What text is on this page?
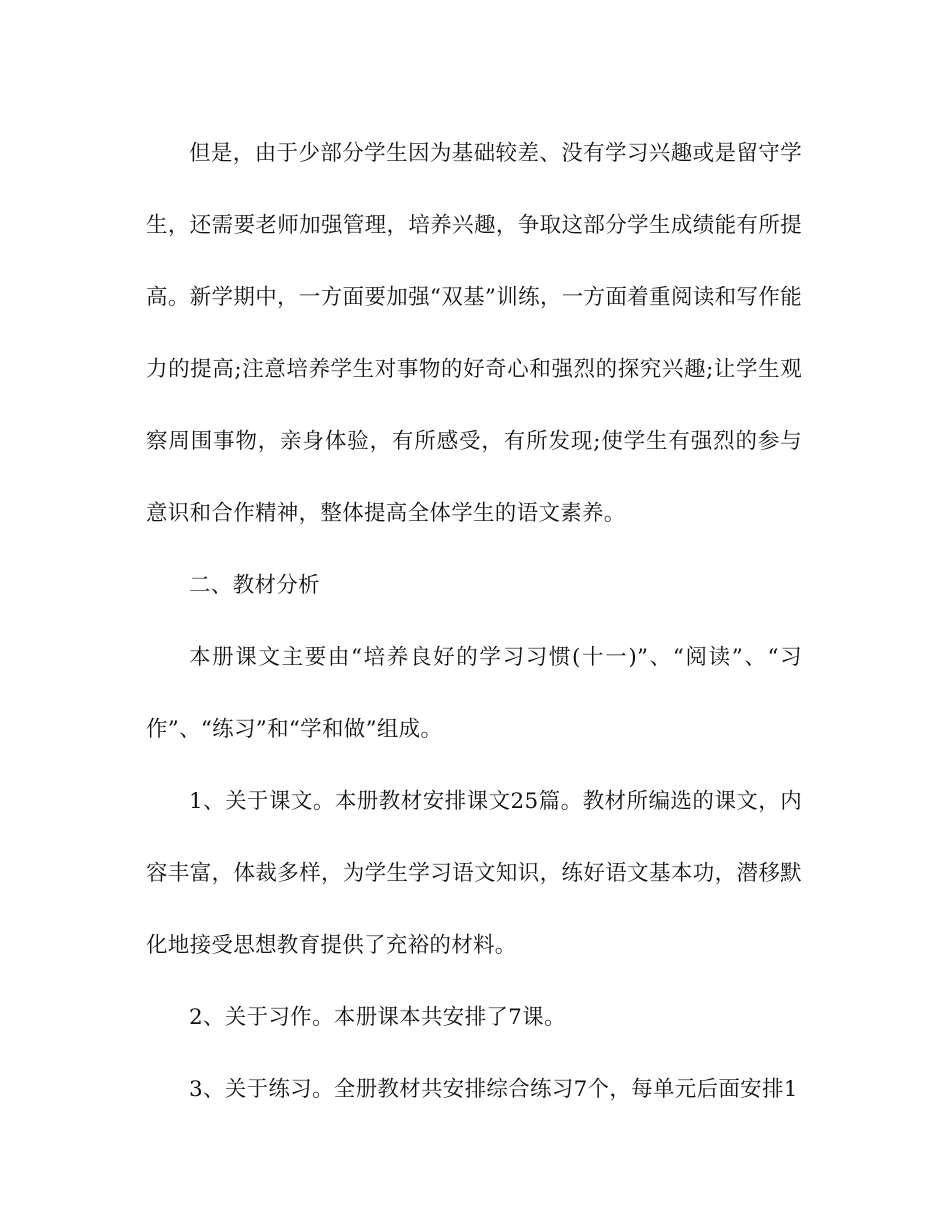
但是，由于少部分学生因为基础较差、没有学习兴趣或是留守学生，还需要老师加强管理，培养兴趣，争取这部分学生成绩能有所提高。新学期中，一方面要加强“双基”训练，一方面着重阅读和写作能力的提高;注意培养学生对事物的好奇心和强烈的探究兴趣;让学生观察周围事物，亲身体验，有所感受，有所发现;使学生有强烈的参与意识和合作精神，整体提高全体学生的语文素养。

二、教材分析

本册课文主要由“培养良好的学习习惯(十一)”、“阅读”、“习作”、“练习”和“学和做”组成。

1、关于课文。本册教材安排课文25篇。教材所编选的课文，内容丰富，体裁多样，为学生学习语文知识，练好语文基本功，潜移默化地接受思想教育提供了充裕的材料。

2、关于习作。本册课本共安排了7课。

3、关于练习。全册教材共安排综合练习7个，每单元后面安排1
